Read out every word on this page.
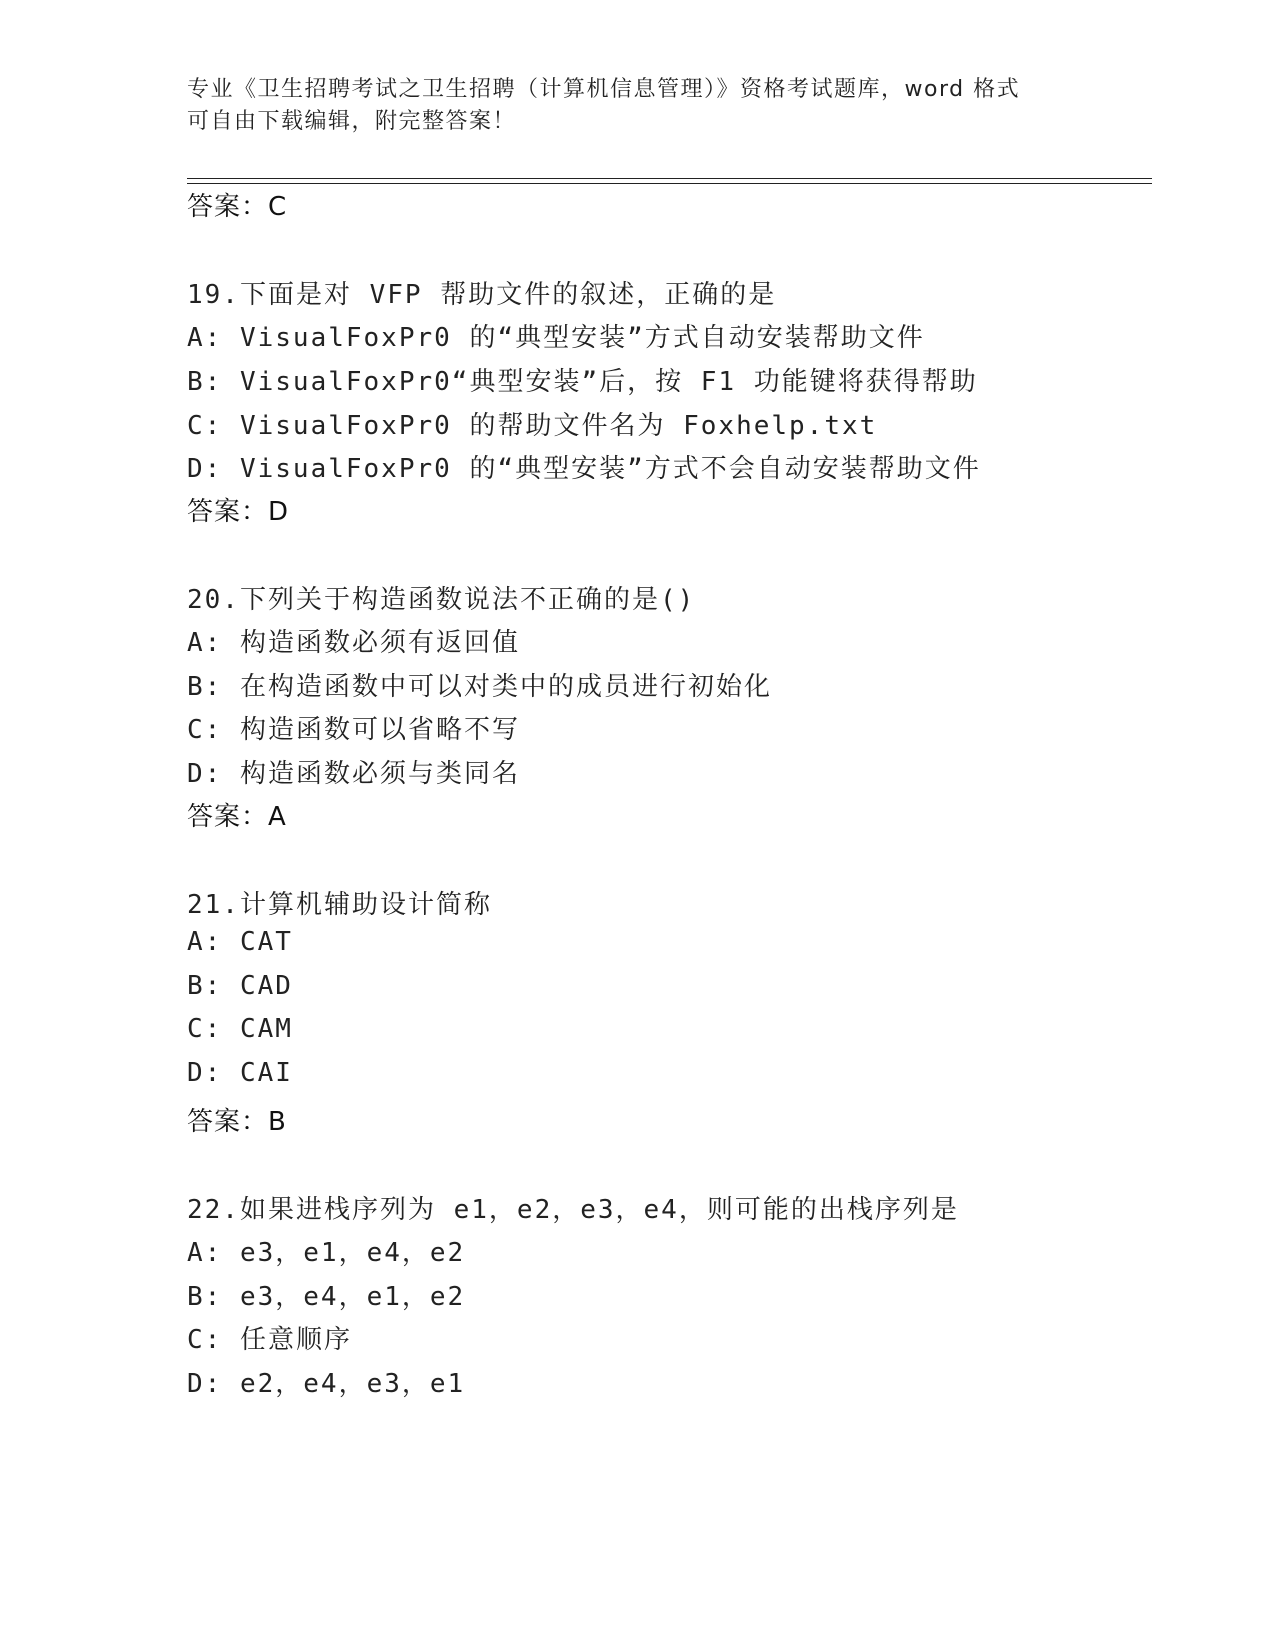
专业《卫生招聘考试之卫生招聘（计算机信息管理）》资格考试题库，word 格式

可自由下载编辑，附完整答案！

答案：C
19.下面是对 VFP 帮助文件的叙述，正确的是
A: VisualFoxPr0 的“典型安装”方式自动安装帮助文件
B: VisualFoxPr0“典型安装”后，按 F1 功能键将获得帮助
C: VisualFoxPr0 的帮助文件名为 Foxhelp.txt
D: VisualFoxPr0 的“典型安装”方式不会自动安装帮助文件
答案：D
20.下列关于构造函数说法不正确的是()
A: 构造函数必须有返回值
B: 在构造函数中可以对类中的成员进行初始化
C: 构造函数可以省略不写
D: 构造函数必须与类同名
答案：A
21.计算机辅助设计简称
A: CAT
B: CAD
C: CAM
D: CAI
答案：B
22.如果进栈序列为 e1，e2，e3，e4，则可能的出栈序列是
A: e3，e1，e4，e2
B: e3，e4，e1，e2
C: 任意顺序
D: e2，e4，e3，e1
